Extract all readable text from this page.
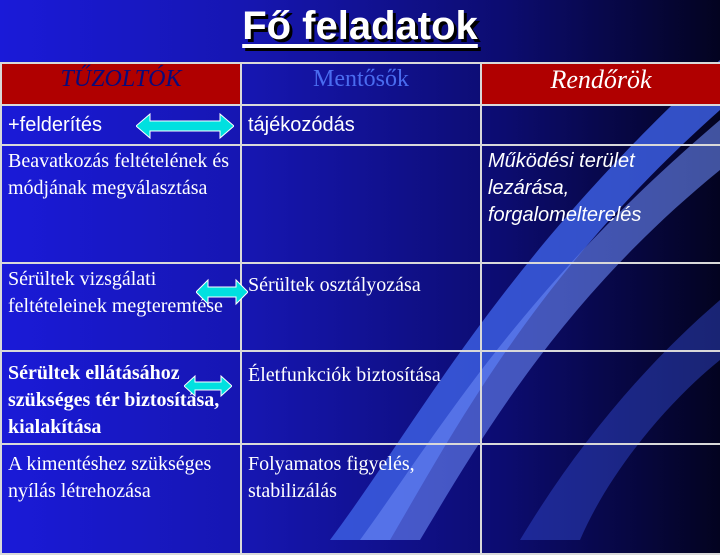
Fő feladatok
TŰZOLTÓK	Mentősők	Rendőrök
+felderítés	tájékozódás	
Beavatkozás feltételének és módjának megválasztása		Működési terület lezárása, forgalomelterelés
Sérültek vizsgálati feltételeinek megteremtése	Sérültek osztályozása	
Sérültek ellátásához szükséges tér biztosítása, kialakítása	Életfunkciók biztosítása	
A kimentéshez szükséges nyílás létrehozása	Folyamatos figyelés, stabilizálás	
